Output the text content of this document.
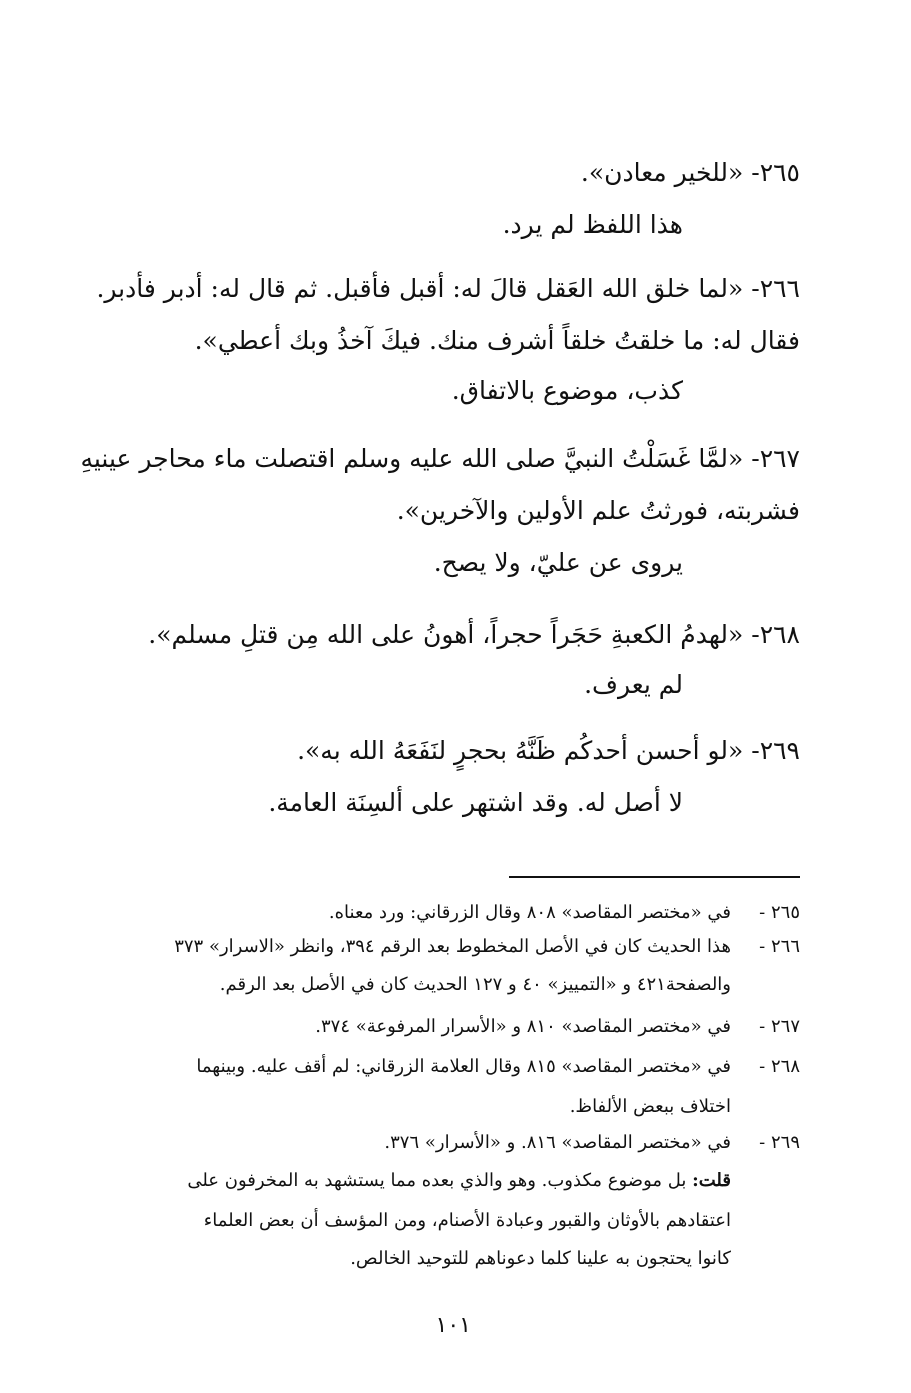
٢٦٥- «للخير معادن».
هذا اللفظ لم يرد.
٢٦٦- «لما خلق الله العَقل قالَ له: أقبل فأقبل. ثم قال له: أدبر فأدبر.
فقال له: ما خلقتُ خلقاً أشرف منك. فيكَ آخذُ وبك أعطي».
كذب، موضوع بالاتفاق.
٢٦٧- «لمَّا غَسَلْتُ النبيَّ صلى الله عليه وسلم اقتصلت ماء محاجر عينيهِ
فشربته، فورثتُ علم الأولين والآخرين».
يروى عن عليّ، ولا يصح.
٢٦٨- «لهدمُ الكعبةِ حَجَراً حجراً، أهونُ على الله مِن قتلِ مسلم».
لم يعرف.
٢٦٩- «لو أحسن أحدكُم ظَنَّهُ بحجرٍ لنَفَعَهُ الله به».
لا أصل له. وقد اشتهر على ألسِنَة العامة.
٢٦٥ -
في «مختصر المقاصد» ٨٠٨ وقال الزرقاني: ورد معناه.
٢٦٦ -
هذا الحديث كان في الأصل المخطوط بعد الرقم ٣٩٤، وانظر «الاسرار» ٣٧٣
والصفحة٤٢١ و «التمييز» ٤٠ و ١٢٧ الحديث كان في الأصل بعد الرقم.
٢٦٧ -
في «مختصر المقاصد» ٨١٠ و «الأسرار المرفوعة» ٣٧٤.
٢٦٨ -
في «مختصر المقاصد» ٨١٥ وقال العلامة الزرقاني: لم أقف عليه. وبينهما
اختلاف ببعض الألفاظ.
٢٦٩ -
في «مختصر المقاصد» ٨١٦. و «الأسرار» ٣٧٦.
قلت: بل موضوع مكذوب. وهو والذي بعده مما يستشهد به المخرفون على
اعتقادهم بالأوثان والقبور وعبادة الأصنام، ومن المؤسف أن بعض العلماء
كانوا يحتجون به علينا كلما دعوناهم للتوحيد الخالص.
١٠١
